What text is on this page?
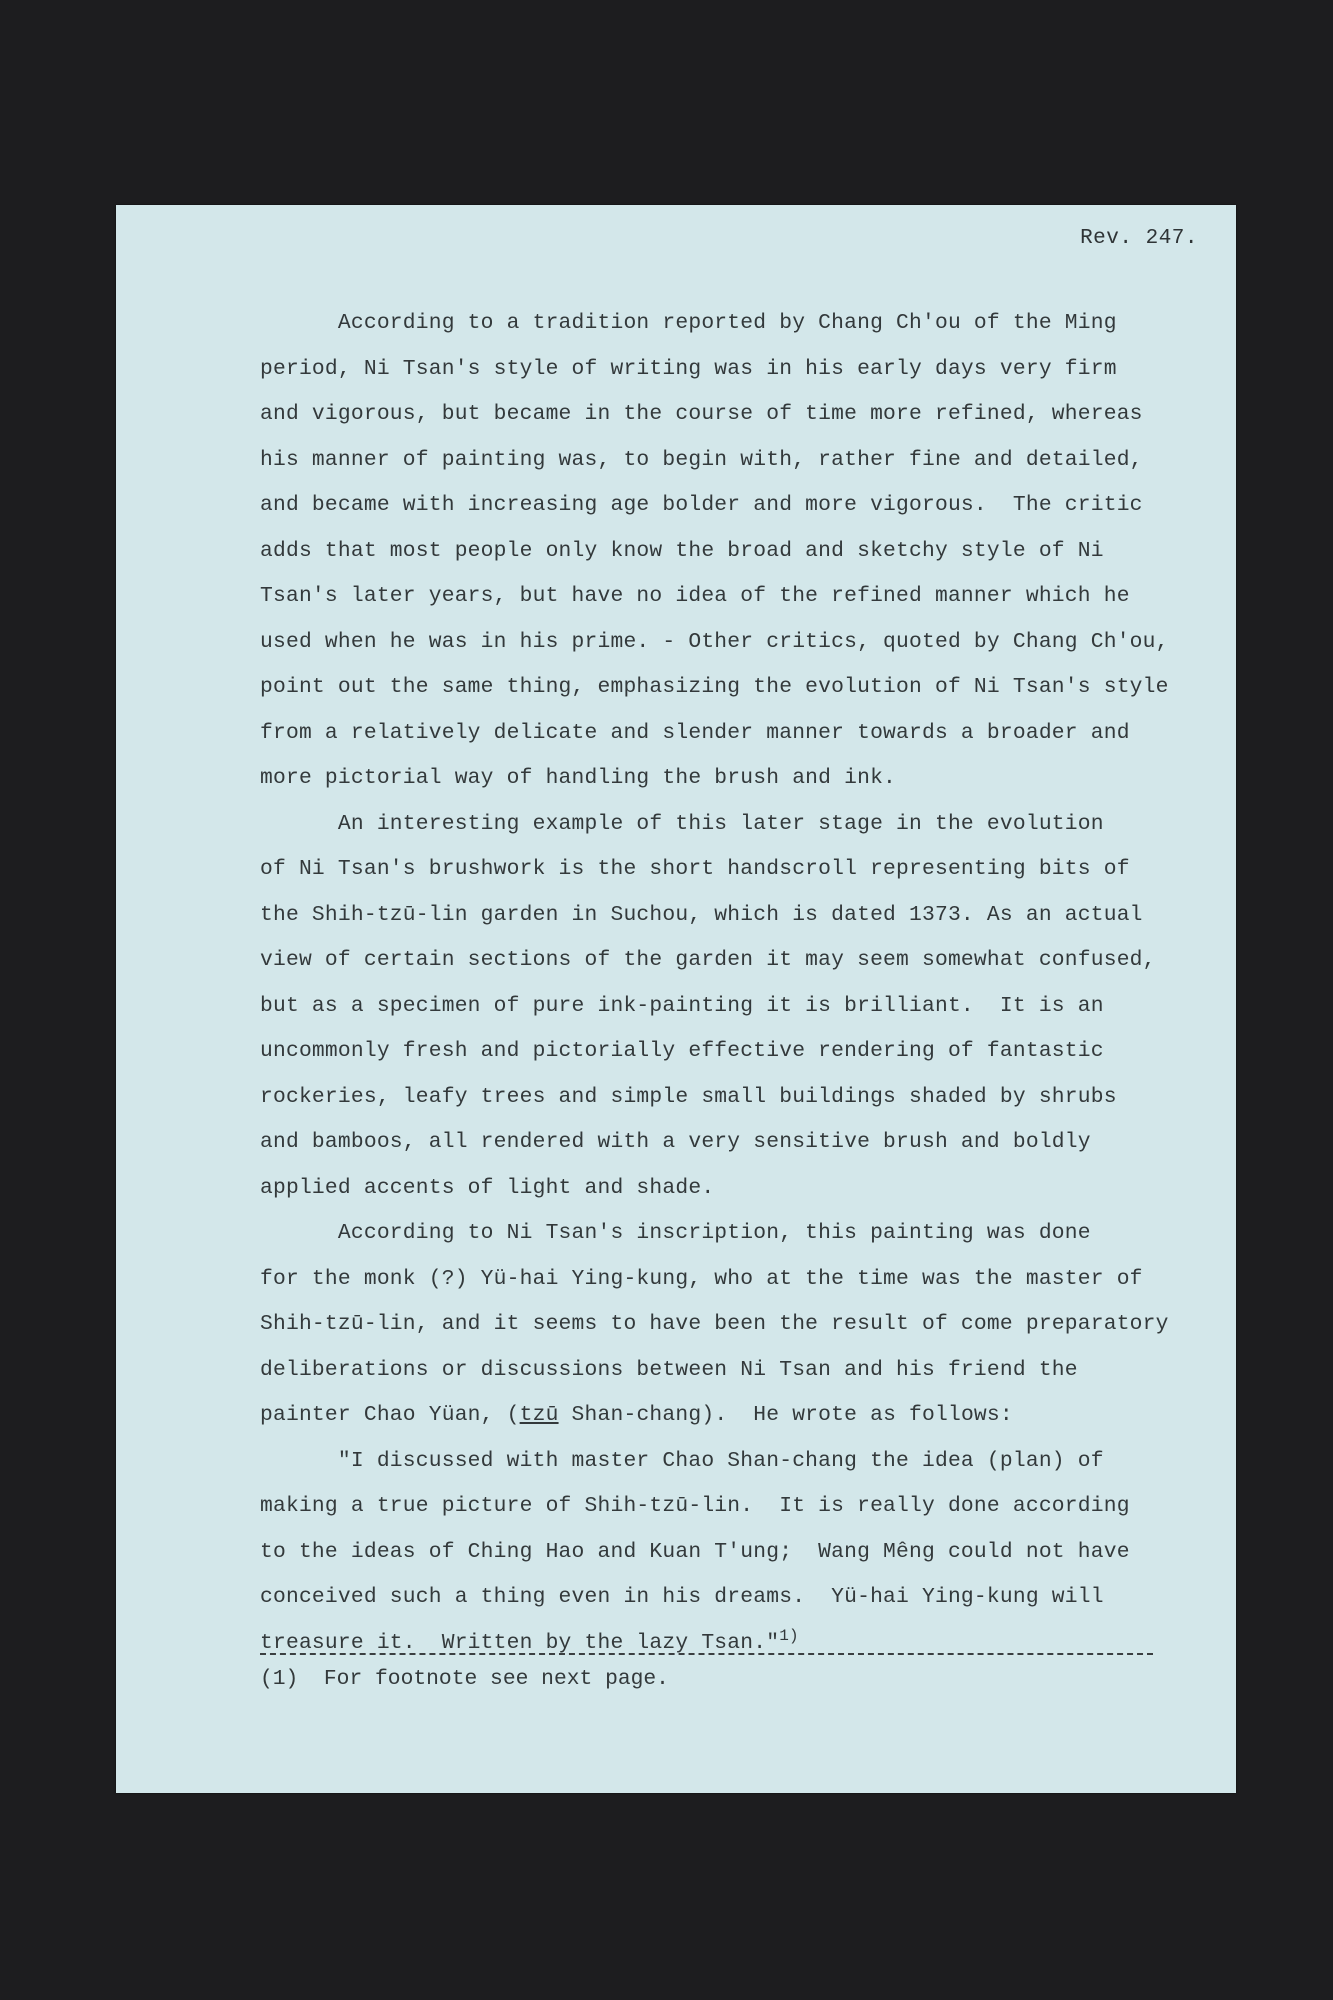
Rev. 247.
According to a tradition reported by Chang Ch'ou of the Ming
period, Ni Tsan's style of writing was in his early days very firm
and vigorous, but became in the course of time more refined, whereas
his manner of painting was, to begin with, rather fine and detailed,
and became with increasing age bolder and more vigorous.  The critic
adds that most people only know the broad and sketchy style of Ni
Tsan's later years, but have no idea of the refined manner which he
used when he was in his prime. - Other critics, quoted by Chang Ch'ou,
point out the same thing, emphasizing the evolution of Ni Tsan's style
from a relatively delicate and slender manner towards a broader and
more pictorial way of handling the brush and ink.
An interesting example of this later stage in the evolution
of Ni Tsan's brushwork is the short handscroll representing bits of
the Shih-tzū-lin garden in Suchou, which is dated 1373. As an actual
view of certain sections of the garden it may seem somewhat confused,
but as a specimen of pure ink-painting it is brilliant.  It is an
uncommonly fresh and pictorially effective rendering of fantastic
rockeries, leafy trees and simple small buildings shaded by shrubs
and bamboos, all rendered with a very sensitive brush and boldly
applied accents of light and shade.
According to Ni Tsan's inscription, this painting was done
for the monk (?) Yü-hai Ying-kung, who at the time was the master of
Shih-tzū-lin, and it seems to have been the result of come preparatory
deliberations or discussions between Ni Tsan and his friend the
painter Chao Yüan, (tzū Shan-chang).  He wrote as follows:
"I discussed with master Chao Shan-chang the idea (plan) of
making a true picture of Shih-tzū-lin.  It is really done according
to the ideas of Ching Hao and Kuan T'ung;  Wang Mêng could not have
conceived such a thing even in his dreams.  Yü-hai Ying-kung will
treasure it.  Written by the lazy Tsan."$^{1)}$
(1)  For footnote see next page.
